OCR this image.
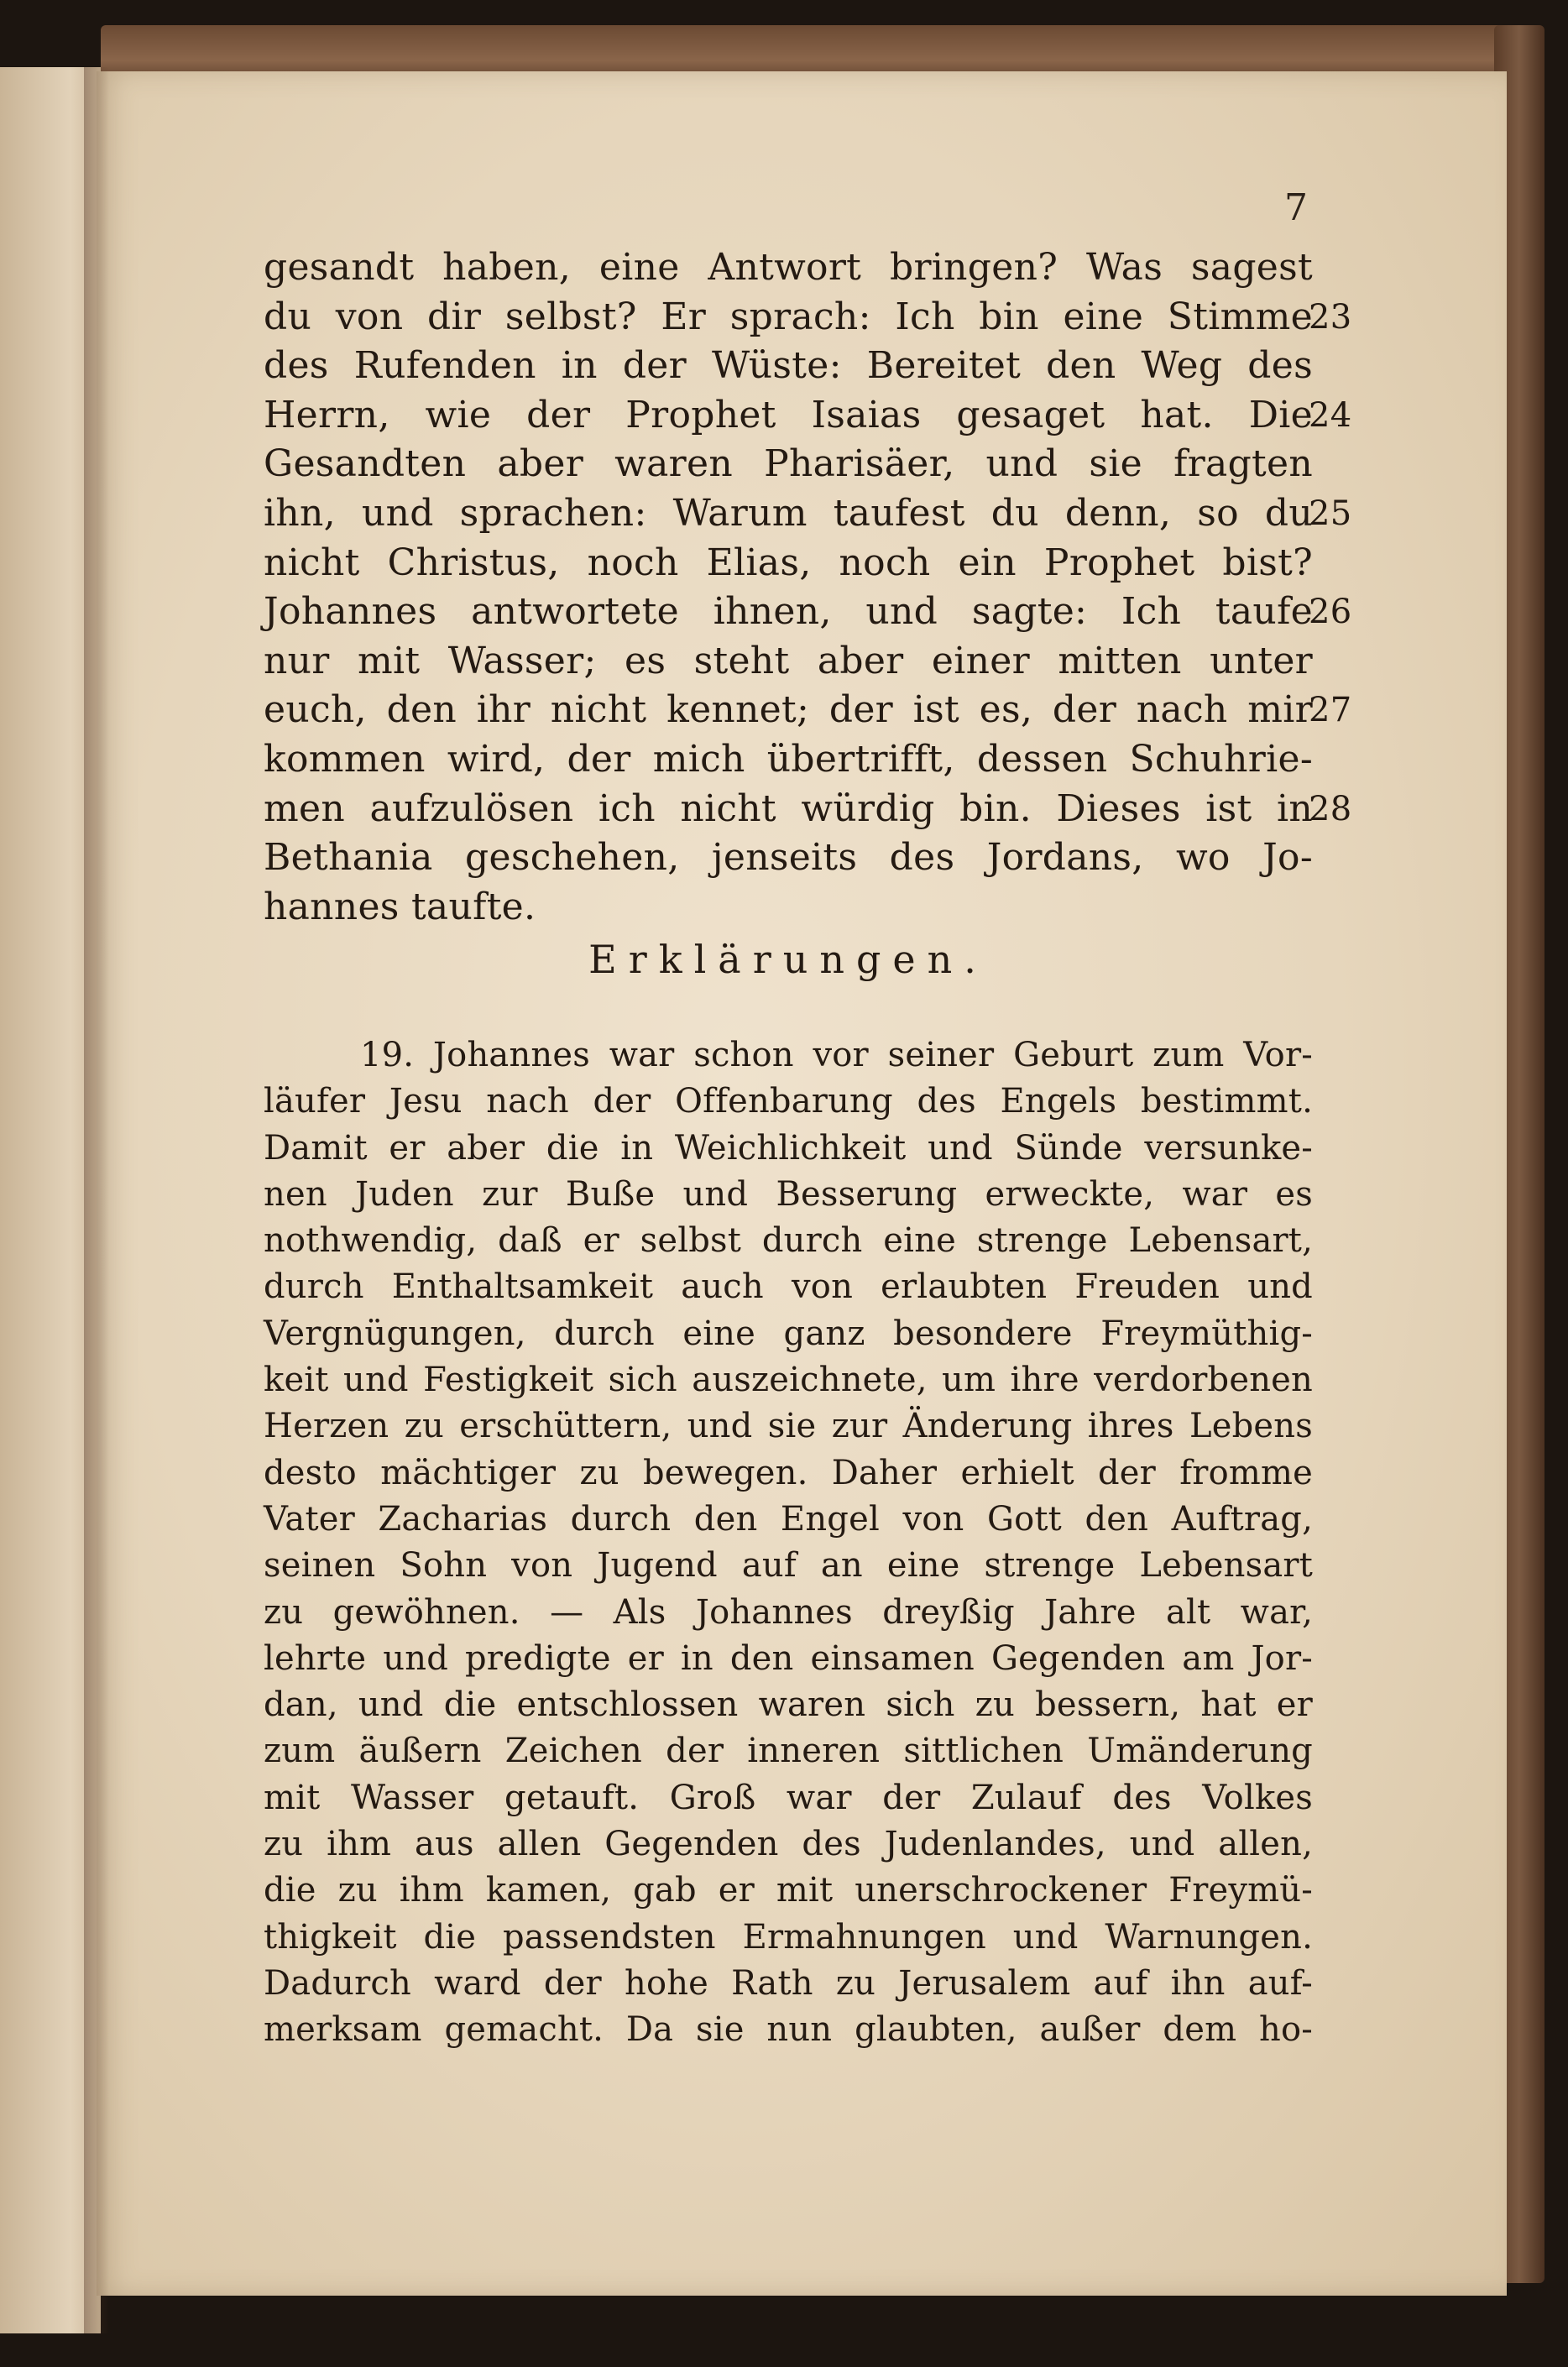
7
gesandt haben, eine Antwort bringen? Was sagest
du von dir selbst? Er sprach: Ich bin eine Stimme
23
des Rufenden in der Wüste: Bereitet den Weg des
Herrn, wie der Prophet Isaias gesaget hat. Die
24
Gesandten aber waren Pharisäer, und sie fragten
ihn, und sprachen: Warum taufest du denn, so du
25
nicht Christus, noch Elias, noch ein Prophet bist?
Johannes antwortete ihnen, und sagte: Ich taufe
26
nur mit Wasser; es steht aber einer mitten unter
euch, den ihr nicht kennet; der ist es, der nach mir
27
kommen wird, der mich übertrifft, dessen Schuhrie-
men aufzulösen ich nicht würdig bin. Dieses ist in
28
Bethania geschehen, jenseits des Jordans, wo Jo-
hannes taufte.
Erklärungen.
19. Johannes war schon vor seiner Geburt zum Vor-
läufer Jesu nach der Offenbarung des Engels bestimmt.
Damit er aber die in Weichlichkeit und Sünde versunke-
nen Juden zur Buße und Besserung erweckte, war es
nothwendig, daß er selbst durch eine strenge Lebensart,
durch Enthaltsamkeit auch von erlaubten Freuden und
Vergnügungen, durch eine ganz besondere Freymüthig-
keit und Festigkeit sich auszeichnete, um ihre verdorbenen
Herzen zu erschüttern, und sie zur Änderung ihres Lebens
desto mächtiger zu bewegen. Daher erhielt der fromme
Vater Zacharias durch den Engel von Gott den Auftrag,
seinen Sohn von Jugend auf an eine strenge Lebensart
zu gewöhnen. — Als Johannes dreyßig Jahre alt war,
lehrte und predigte er in den einsamen Gegenden am Jor-
dan, und die entschlossen waren sich zu bessern, hat er
zum äußern Zeichen der inneren sittlichen Umänderung
mit Wasser getauft. Groß war der Zulauf des Volkes
zu ihm aus allen Gegenden des Judenlandes, und allen,
die zu ihm kamen, gab er mit unerschrockener Freymü-
thigkeit die passendsten Ermahnungen und Warnungen.
Dadurch ward der hohe Rath zu Jerusalem auf ihn auf-
merksam gemacht. Da sie nun glaubten, außer dem ho-
